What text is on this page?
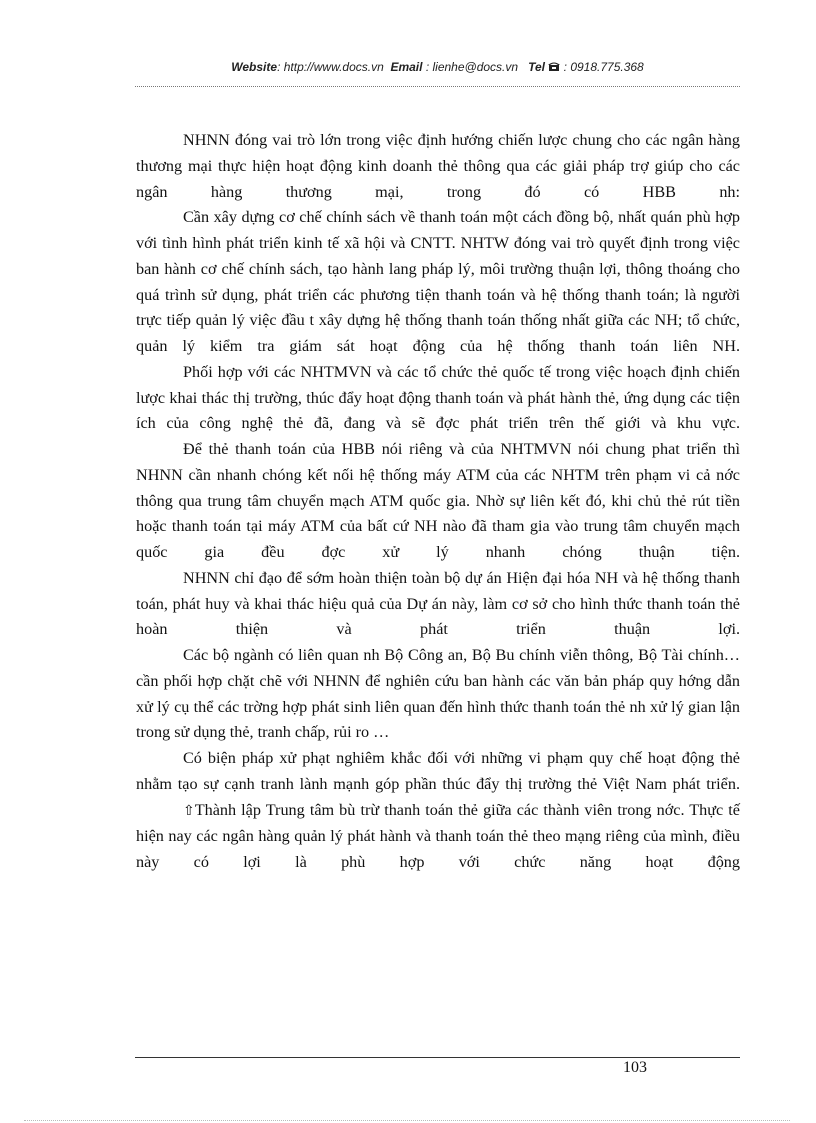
Website: http://www.docs.vn Email : lienhe@docs.vn Tel : 0918.775.368

NHNN đóng vai trò lớn trong việc định hướng chiến lược chung cho các ngân hàng thương mại thực hiện hoạt động kinh doanh thẻ thông qua các giải pháp trợ giúp cho các ngân hàng thương mại, trong đó có HBB nh:

Cần xây dựng cơ chế chính sách về thanh toán một cách đồng bộ, nhất quán phù hợp với tình hình phát triển kinh tế xã hội và CNTT. NHTW đóng vai trò quyết định trong việc ban hành cơ chế chính sách, tạo hành lang pháp lý, môi trường thuận lợi, thông thoáng cho quá trình sử dụng, phát triển các phương tiện thanh toán và hệ thống thanh toán; là người trực tiếp quản lý việc đầu t xây dựng hệ thống thanh toán thống nhất giữa các NH; tổ chức, quản lý kiểm tra giám sát hoạt động của hệ thống thanh toán liên NH.

Phối hợp với các NHTMVN và các tổ chức thẻ quốc tế trong việc hoạch định chiến lược khai thác thị trường, thúc đẩy hoạt động thanh toán và phát hành thẻ, ứng dụng các tiện ích của công nghệ thẻ đã, đang và sẽ đợc phát triển trên thế giới và khu vực.

Để thẻ thanh toán của HBB nói riêng và của NHTMVN nói chung phat triển thì NHNN cần nhanh chóng kết nối hệ thống máy ATM của các NHTM trên phạm vi cả nớc thông qua trung tâm chuyển mạch ATM quốc gia. Nhờ sự liên kết đó, khi chủ thẻ rút tiền hoặc thanh toán tại máy ATM của bất cứ NH nào đã tham gia vào trung tâm chuyển mạch quốc gia đều đợc xử lý nhanh chóng thuận tiện.

NHNN chỉ đạo để sớm hoàn thiện toàn bộ dự án Hiện đại hóa NH và hệ thống thanh toán, phát huy và khai thác hiệu quả của Dự án này, làm cơ sở cho hình thức thanh toán thẻ hoàn thiện và phát triển thuận lợi.

Các bộ ngành có liên quan nh Bộ Công an, Bộ Bu chính viễn thông, Bộ Tài chính… cần phối hợp chặt chẽ với NHNN để nghiên cứu ban hành các văn bản pháp quy hớng dẫn xử lý cụ thể các trờng hợp phát sinh liên quan đến hình thức thanh toán thẻ nh xử lý gian lận trong sử dụng thẻ, tranh chấp, rủi ro …

Có biện pháp xử phạt nghiêm khắc đối với những vi phạm quy chế hoạt động thẻ nhằm tạo sự cạnh tranh lành mạnh góp phần thúc đẩy thị trường thẻ Việt Nam phát triển.

⇧Thành lập Trung tâm bù trừ thanh toán thẻ giữa các thành viên trong nớc. Thực tế hiện nay các ngân hàng quản lý phát hành và thanh toán thẻ theo mạng riêng của mình, điều này có lợi là phù hợp với chức năng hoạt động

103
